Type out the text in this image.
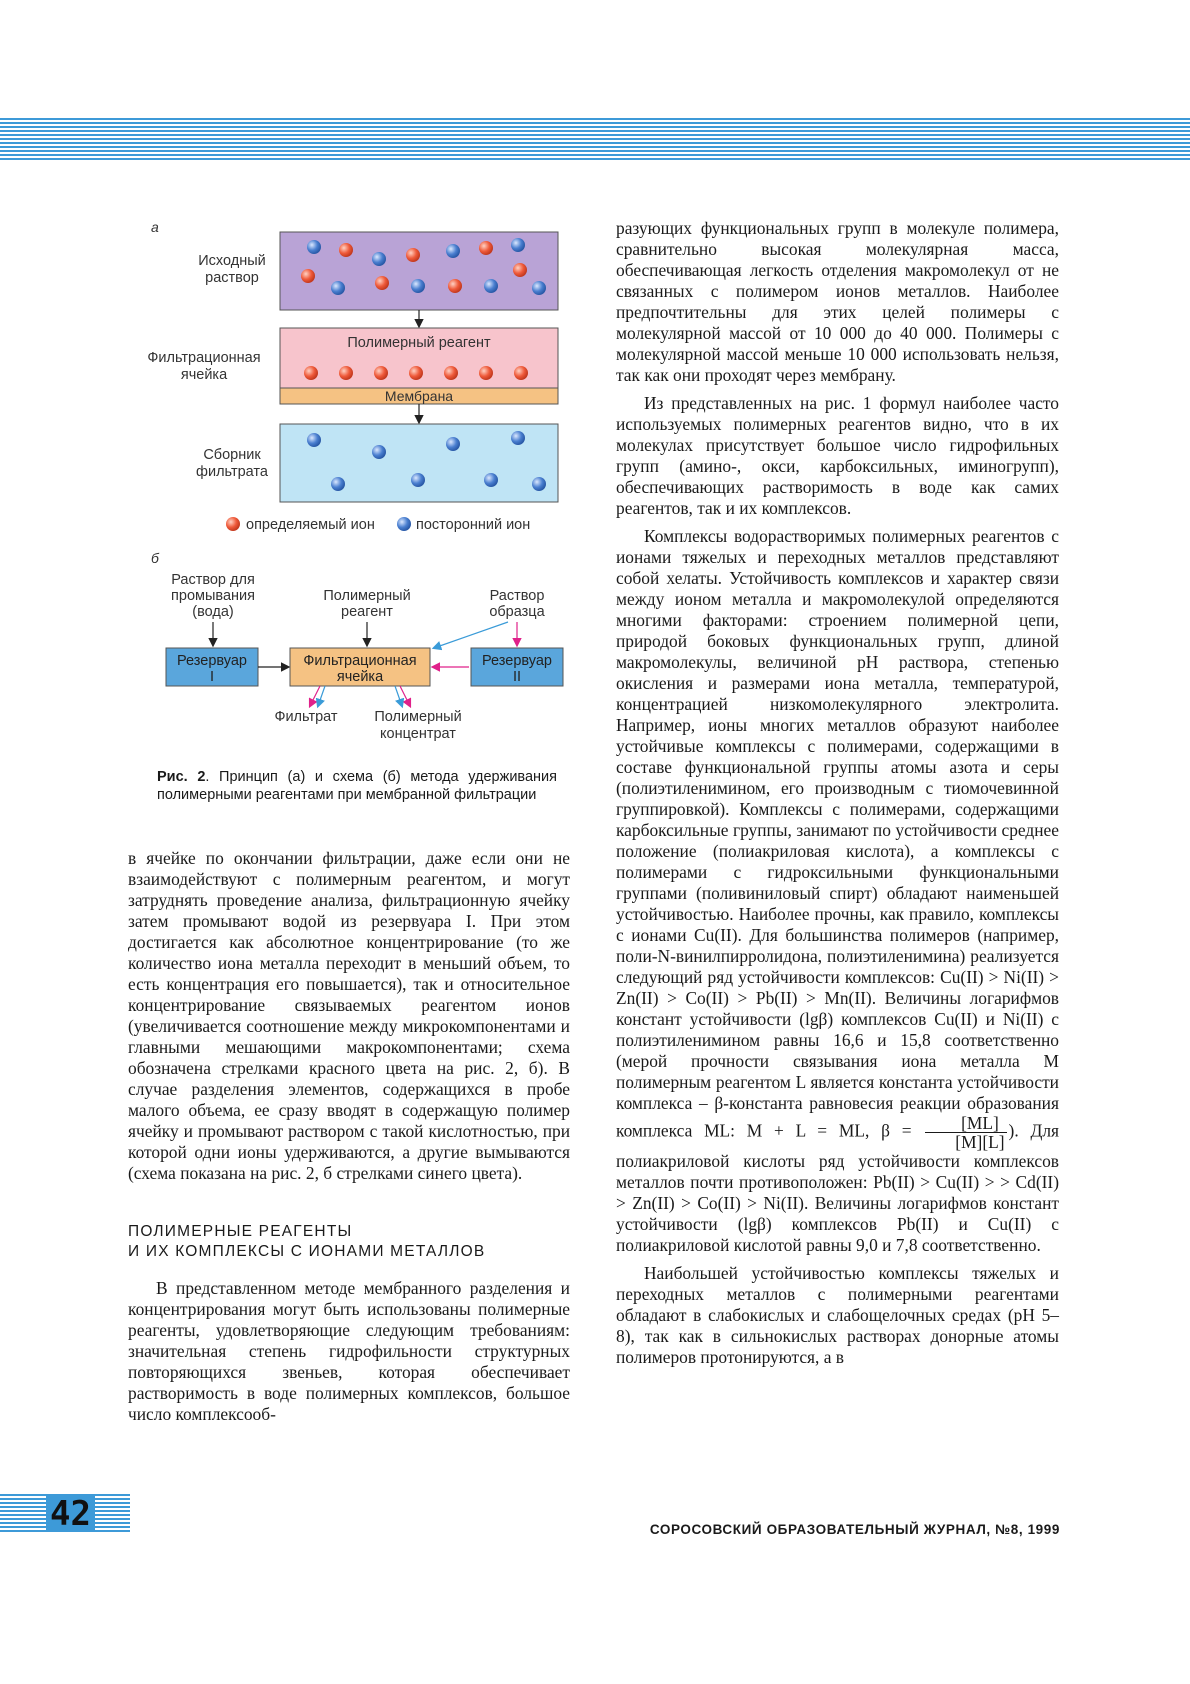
а
Исходный
раствор
Полимерный реагент
Мембрана
Фильтрационная
ячейка
Сборник
фильтрата
определяемый ион	посторонний ион
б
Раствор для
промывания
(вода)
Полимерный
реагент
Раствор
образца
Резервуар
I
Фильтрационная
ячейка
Резервуар
II
Фильтрат	Полимерный
концентрат
Рис. 2. Принцип (а) и схема (б) метода удерживания полимерными реагентами при мембранной фильтрации

в ячейке по окончании фильтрации, даже если они не взаимодействуют с полимерным реагентом, и могут затруднять проведение анализа, фильтрационную ячейку затем промывают водой из резервуара I. При этом достигается как абсолютное концентрирование (то же количество иона металла переходит в меньший объем, то есть концентрация его повышается), так и относительное концентрирование связываемых реагентом ионов (увеличивается соотношение между микрокомпонентами и главными мешающими макрокомпонентами; схема обозначена стрелками красного цвета на рис. 2, б). В случае разделения элементов, содержащихся в пробе малого объема, ее сразу вводят в содержащую полимер ячейку и промывают раствором с такой кислотностью, при которой одни ионы удерживаются, а другие вымываются (схема показана на рис. 2, б стрелками синего цвета).

ПОЛИМЕРНЫЕ РЕАГЕНТЫ
И ИХ КОМПЛЕКСЫ С ИОНАМИ МЕТАЛЛОВ

В представленном методе мембранного разделения и концентрирования могут быть использованы полимерные реагенты, удовлетворяющие следующим требованиям: значительная степень гидрофильности структурных повторяющихся звеньев, которая обеспечивает растворимость в воде полимерных комплексов, большое число комплексооб-

разующих функциональных групп в молекуле полимера, сравнительно высокая молекулярная масса, обеспечивающая легкость отделения макромолекул от не связанных с полимером ионов металлов. Наиболее предпочтительны для этих целей полимеры с молекулярной массой от 10 000 до 40 000. Полимеры с молекулярной массой меньше 10 000 использовать нельзя, так как они проходят через мембрану.

Из представленных на рис. 1 формул наиболее часто используемых полимерных реагентов видно, что в их молекулах присутствует большое число гидрофильных групп (амино-, окси, карбоксильных, иминогрупп), обеспечивающих растворимость в воде как самих реагентов, так и их комплексов.

Комплексы водорастворимых полимерных реагентов с ионами тяжелых и переходных металлов представляют собой хелаты. Устойчивость комплексов и характер связи между ионом металла и макромолекулой определяются многими факторами: строением полимерной цепи, природой боковых функциональных групп, длиной макромолекулы, величиной pH раствора, степенью окисления и размерами иона металла, температурой, концентрацией низкомолекулярного электролита. Например, ионы многих металлов образуют наиболее устойчивые комплексы с полимерами, содержащими в составе функциональной группы атомы азота и серы (полиэтиленимином, его производным с тиомочевинной группировкой). Комплексы с полимерами, содержащими карбоксильные группы, занимают по устойчивости среднее положение (полиакриловая кислота), а комплексы с полимерами с гидроксильными функциональными группами (поливиниловый спирт) обладают наименьшей устойчивостью. Наиболее прочны, как правило, комплексы с ионами Cu(II). Для большинства полимеров (например, поли-N-винилпирролидона, полиэтиленимина) реализуется следующий ряд устойчивости комплексов: Cu(II) > Ni(II) > Zn(II) > Co(II) > Pb(II) > Mn(II). Величины логарифмов констант устойчивости (lgβ) комплексов Cu(II) и Ni(II) с полиэтиленимином равны 16,6 и 15,8 соответственно (мерой прочности связывания иона металла M полимерным реагентом L является константа устойчивости комплекса – β-константа равновесия реакции образования комплекса ML: M + L = ML, $\beta = \frac{[ML]}{[M][L]}$ ). Для полиакриловой кислоты ряд устойчивости комплексов металлов почти противоположен: Pb(II) > Cu(II) > > Cd(II) > Zn(II) > Co(II) > Ni(II). Величины логарифмов констант устойчивости (lgβ) комплексов Pb(II) и Cu(II) с полиакриловой кислотой равны 9,0 и 7,8 соответственно.

Наибольшей устойчивостью комплексы тяжелых и переходных металлов с полимерными реагентами обладают в слабокислых и слабощелочных средах (pH 5–8), так как в сильнокислых растворах донорные атомы полимеров протонируются, а в

42	СОРОСОВСКИЙ ОБРАЗОВАТЕЛЬНЫЙ ЖУРНАЛ, №8, 1999
